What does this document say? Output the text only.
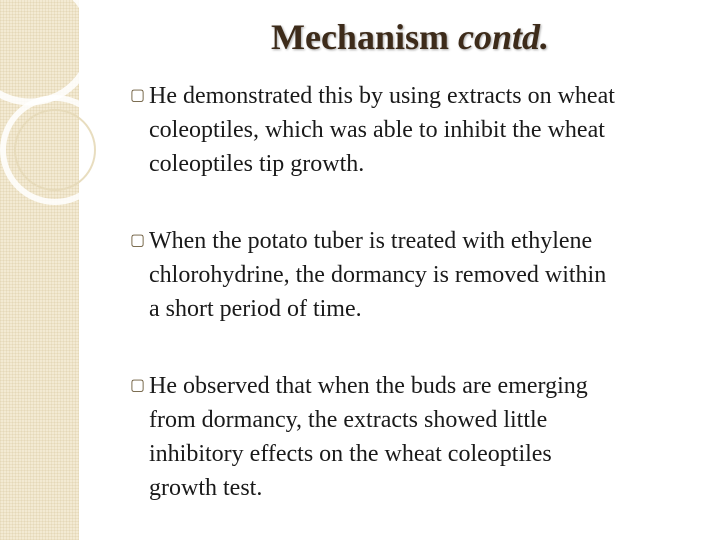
Mechanism contd.
▢ He demonstrated this by using extracts on wheat
coleoptiles, which was able to inhibit the wheat
coleoptiles tip growth.
▢ When the potato tuber is treated with ethylene
chlorohydrine, the dormancy is removed within
a short period of time.
▢ He observed that when the buds are emerging
from dormancy, the extracts showed little
inhibitory effects on the wheat coleoptiles
growth test.
